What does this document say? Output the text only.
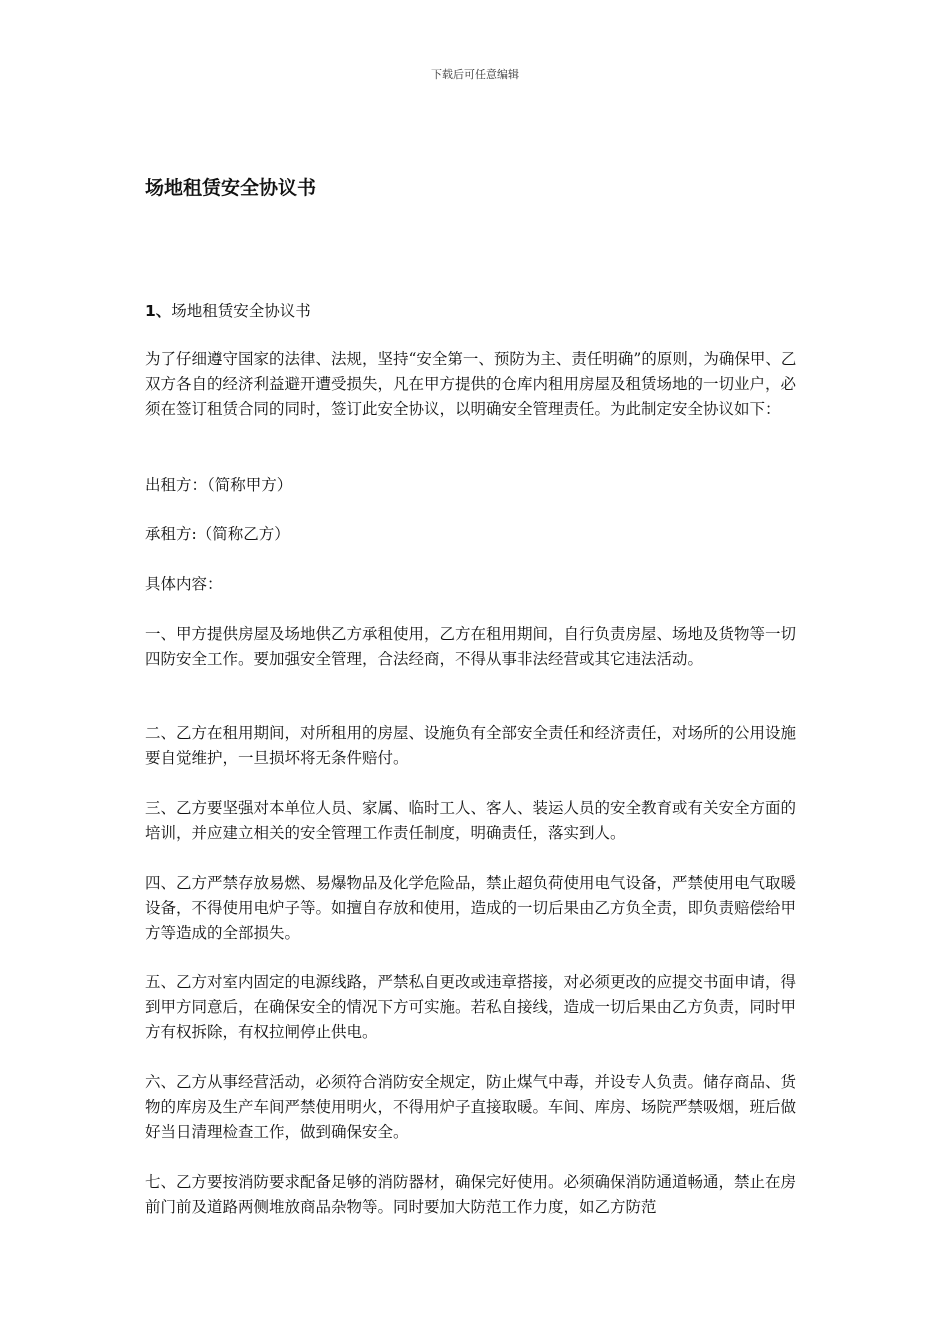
下载后可任意编辑
场地租赁安全协议书

1、场地租赁安全协议书

为了仔细遵守国家的法律、法规，坚持“安全第一、预防为主、责任明确”的原则，为确保甲、乙双方各自的经济利益避开遭受损失，凡在甲方提供的仓库内租用房屋及租赁场地的一切业户，必须在签订租赁合同的同时，签订此安全协议，以明确安全管理责任。为此制定安全协议如下：

出租方：（简称甲方）

承租方:（简称乙方）

具体内容：

一、甲方提供房屋及场地供乙方承租使用，乙方在租用期间，自行负责房屋、场地及货物等一切四防安全工作。要加强安全管理，合法经商，不得从事非法经营或其它违法活动。

二、乙方在租用期间，对所租用的房屋、设施负有全部安全责任和经济责任，对场所的公用设施要自觉维护，一旦损坏将无条件赔付。

三、乙方要坚强对本单位人员、家属、临时工人、客人、装运人员的安全教育或有关安全方面的培训，并应建立相关的安全管理工作责任制度，明确责任，落实到人。

四、乙方严禁存放易燃、易爆物品及化学危险品，禁止超负荷使用电气设备，严禁使用电气取暖设备，不得使用电炉子等。如擅自存放和使用，造成的一切后果由乙方负全责，即负责赔偿给甲方等造成的全部损失。

五、乙方对室内固定的电源线路，严禁私自更改或违章搭接，对必须更改的应提交书面申请，得到甲方同意后，在确保安全的情况下方可实施。若私自接线，造成一切后果由乙方负责，同时甲方有权拆除，有权拉闸停止供电。

六、乙方从事经营活动，必须符合消防安全规定，防止煤气中毒，并设专人负责。储存商品、货物的库房及生产车间严禁使用明火，不得用炉子直接取暖。车间、库房、场院严禁吸烟，班后做好当日清理检查工作，做到确保安全。

七、乙方要按消防要求配备足够的消防器材，确保完好使用。必须确保消防通道畅通，禁止在房前门前及道路两侧堆放商品杂物等。同时要加大防范工作力度，如乙方防范
